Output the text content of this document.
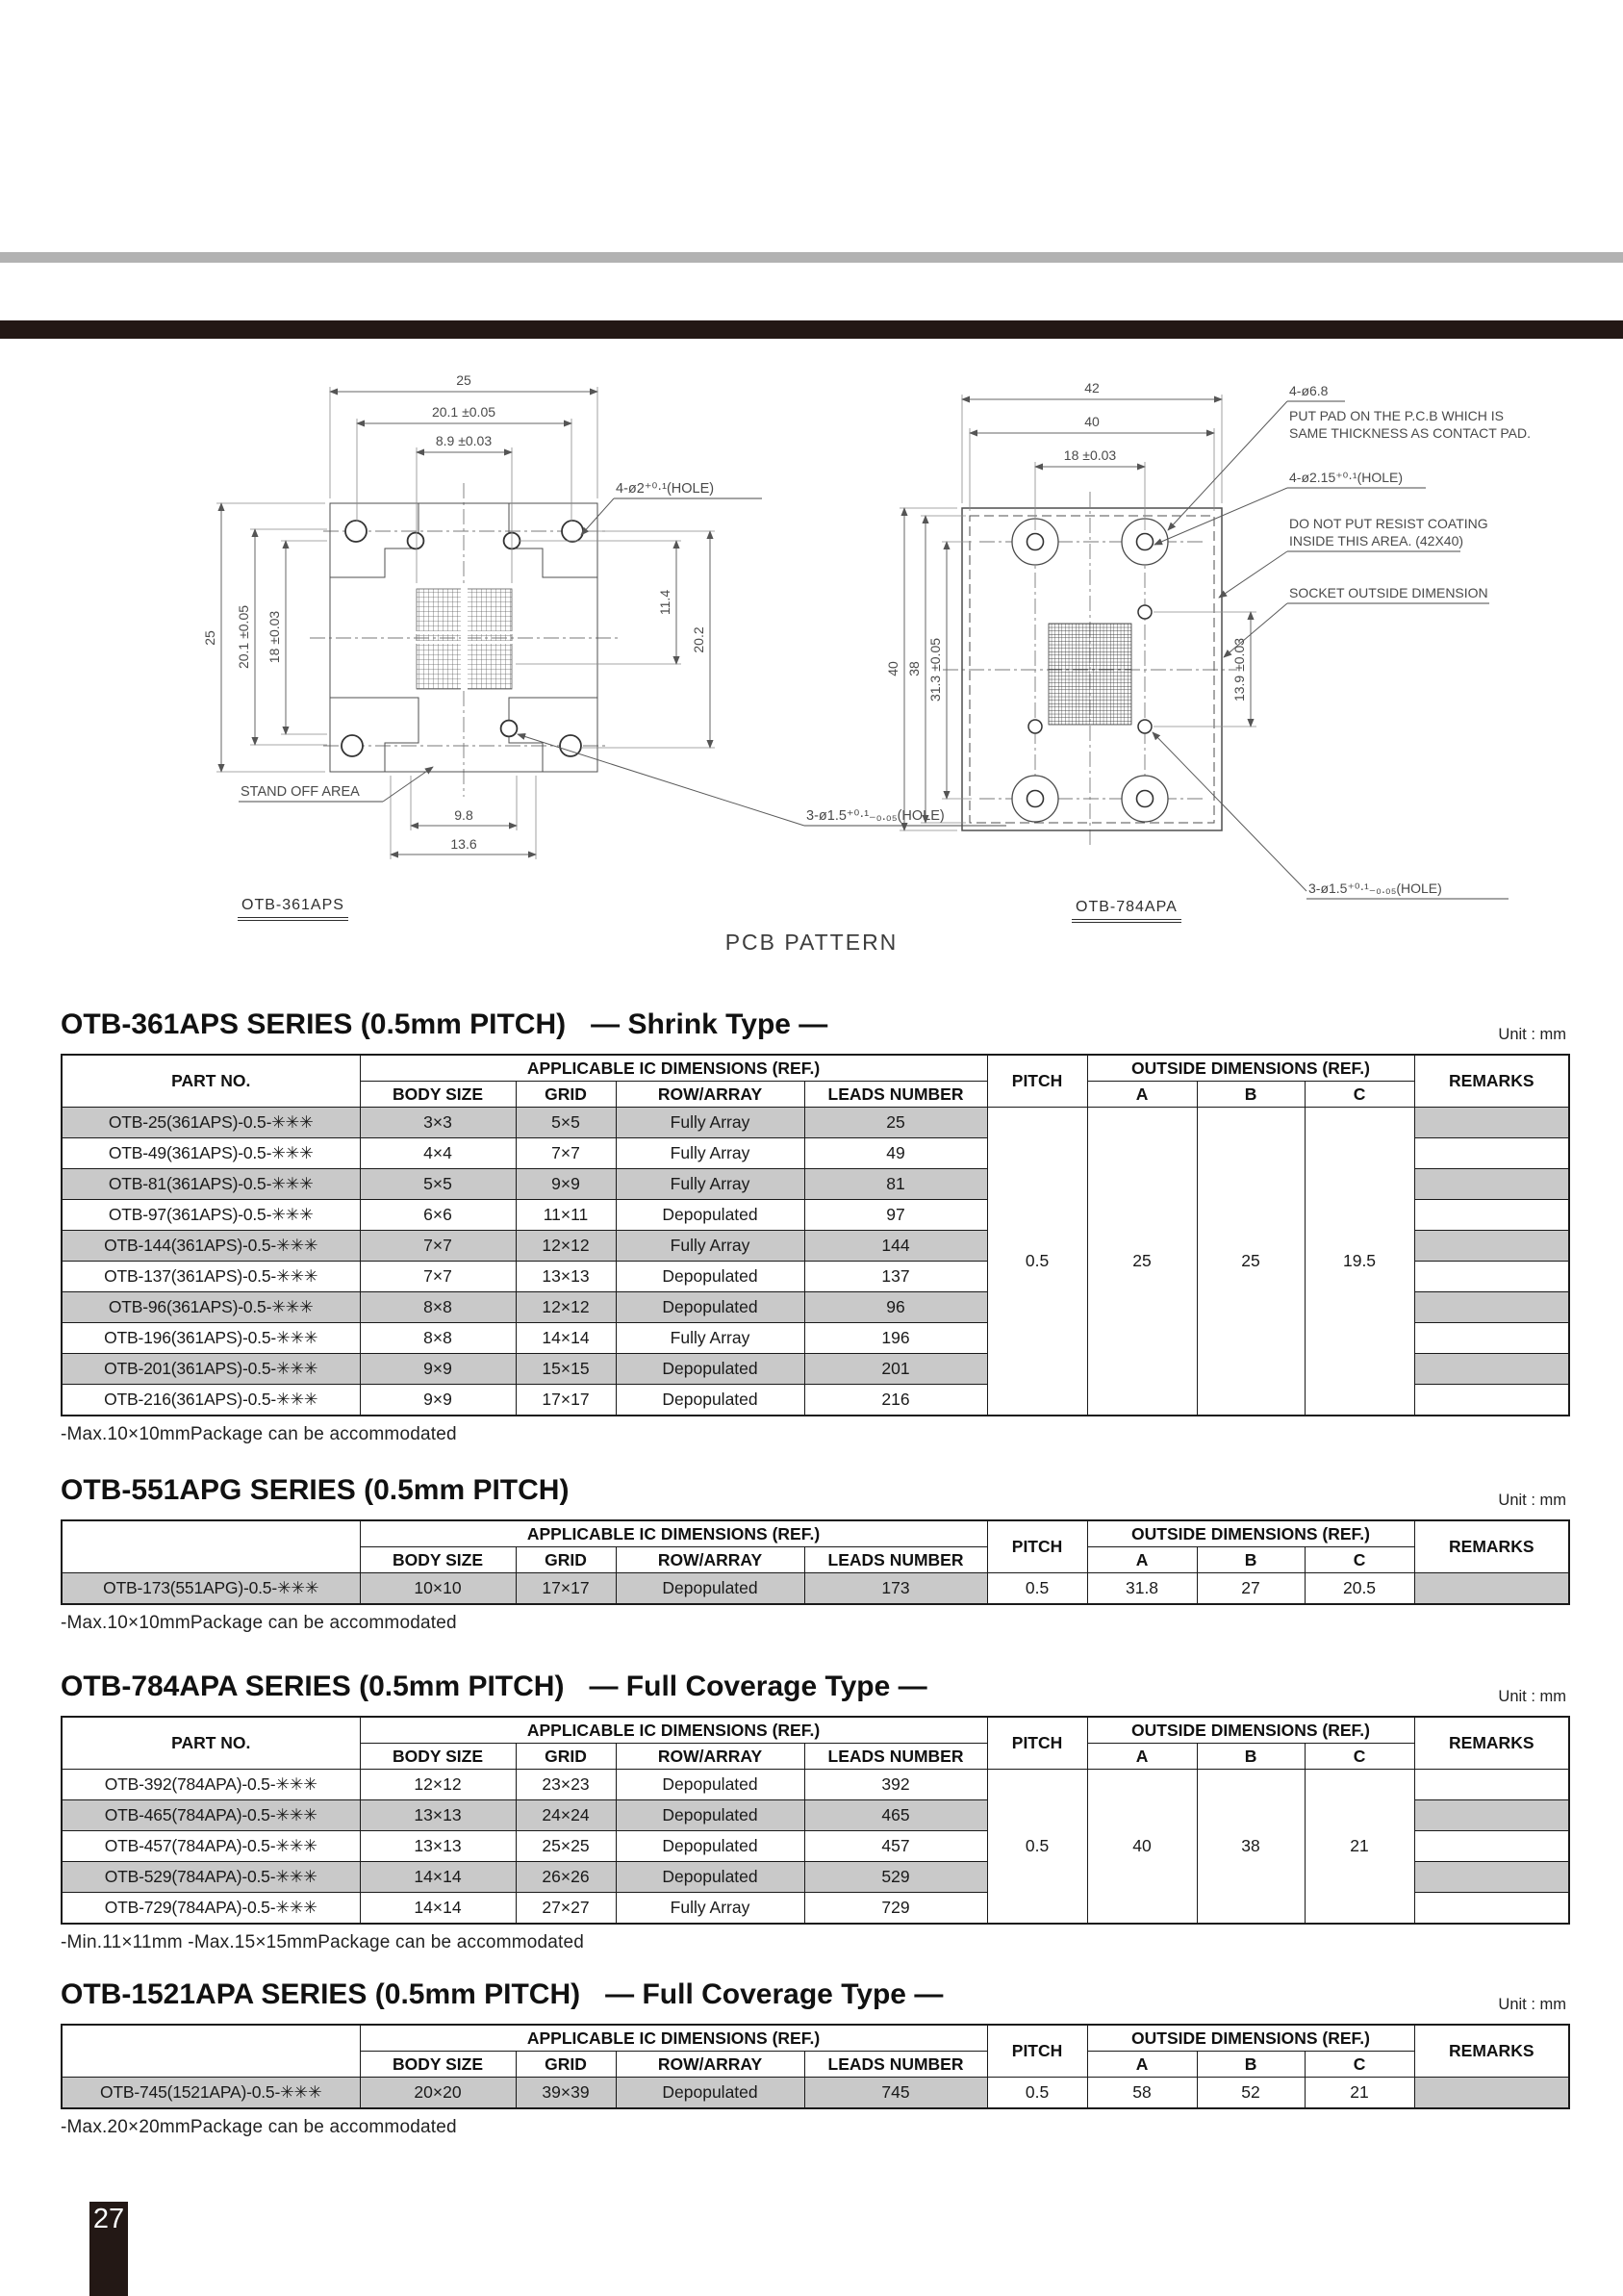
25
20.1 ±0.05
8.9 ±0.03
25 20.1 ±0.05 18 ±0.03
11.4
20.2
9.8
13.6
4-ø2⁺⁰·¹(HOLE)
STAND OFF AREA
3-ø1.5⁺⁰·¹₋₀.₀₅(HOLE)
42
40
18 ±0.03
40 38 31.3 ±0.05	13.9 ±0.03
4-ø6.8
PUT PAD ON THE P.C.B WHICH IS
SAME THICKNESS AS CONTACT PAD.
4-ø2.15⁺⁰·¹(HOLE)
DO NOT PUT RESIST COATING
INSIDE THIS AREA. (42X40)
SOCKET OUTSIDE DIMENSION
3-ø1.5⁺⁰·¹₋₀.₀₅(HOLE)
OTB-361APS	OTB-784APA
PCB PATTERN
OTB-361APS SERIES (0.5mm PITCH) — Shrink Type —	Unit : mm
PART NO.	APPLICABLE IC DIMENSIONS (REF.)				PITCH	OUTSIDE DIMENSIONS (REF.)			REMARKS
	BODY SIZE	GRID	ROW/ARRAY	LEADS NUMBER		A	B	C	
OTB-25(361APS)-0.5-✳✳✳	3×3	5×5	Fully Array	25	0.5	25	25	19.5	
OTB-49(361APS)-0.5-✳✳✳	4×4	7×7	Fully Array	49					
OTB-81(361APS)-0.5-✳✳✳	5×5	9×9	Fully Array	81					
OTB-97(361APS)-0.5-✳✳✳	6×6	11×11	Depopulated	97					
OTB-144(361APS)-0.5-✳✳✳	7×7	12×12	Fully Array	144					
OTB-137(361APS)-0.5-✳✳✳	7×7	13×13	Depopulated	137					
OTB-96(361APS)-0.5-✳✳✳	8×8	12×12	Depopulated	96					
OTB-196(361APS)-0.5-✳✳✳	8×8	14×14	Fully Array	196					
OTB-201(361APS)-0.5-✳✳✳	9×9	15×15	Depopulated	201					
OTB-216(361APS)-0.5-✳✳✳	9×9	17×17	Depopulated	216					
-Max.10×10mmPackage can be accommodated
OTB-551APG SERIES (0.5mm PITCH)	Unit : mm
	APPLICABLE IC DIMENSIONS (REF.)				PITCH	OUTSIDE DIMENSIONS (REF.)			REMARKS
	BODY SIZE	GRID	ROW/ARRAY	LEADS NUMBER		A	B	C	
OTB-173(551APG)-0.5-✳✳✳	10×10	17×17	Depopulated	173	0.5	31.8	27	20.5	
-Max.10×10mmPackage can be accommodated
OTB-784APA SERIES (0.5mm PITCH) — Full Coverage Type —	Unit : mm
PART NO.	APPLICABLE IC DIMENSIONS (REF.)				PITCH	OUTSIDE DIMENSIONS (REF.)			REMARKS
	BODY SIZE	GRID	ROW/ARRAY	LEADS NUMBER		A	B	C	
OTB-392(784APA)-0.5-✳✳✳	12×12	23×23	Depopulated	392	0.5	40	38	21	
OTB-465(784APA)-0.5-✳✳✳	13×13	24×24	Depopulated	465					
OTB-457(784APA)-0.5-✳✳✳	13×13	25×25	Depopulated	457					
OTB-529(784APA)-0.5-✳✳✳	14×14	26×26	Depopulated	529					
OTB-729(784APA)-0.5-✳✳✳	14×14	27×27	Fully Array	729					
-Min.11×11mm -Max.15×15mmPackage can be accommodated
OTB-1521APA SERIES (0.5mm PITCH) — Full Coverage Type —	Unit : mm
	APPLICABLE IC DIMENSIONS (REF.)				PITCH	OUTSIDE DIMENSIONS (REF.)			REMARKS
	BODY SIZE	GRID	ROW/ARRAY	LEADS NUMBER		A	B	C	
OTB-745(1521APA)-0.5-✳✳✳	20×20	39×39	Depopulated	745	0.5	58	52	21	
-Max.20×20mmPackage can be accommodated
27
